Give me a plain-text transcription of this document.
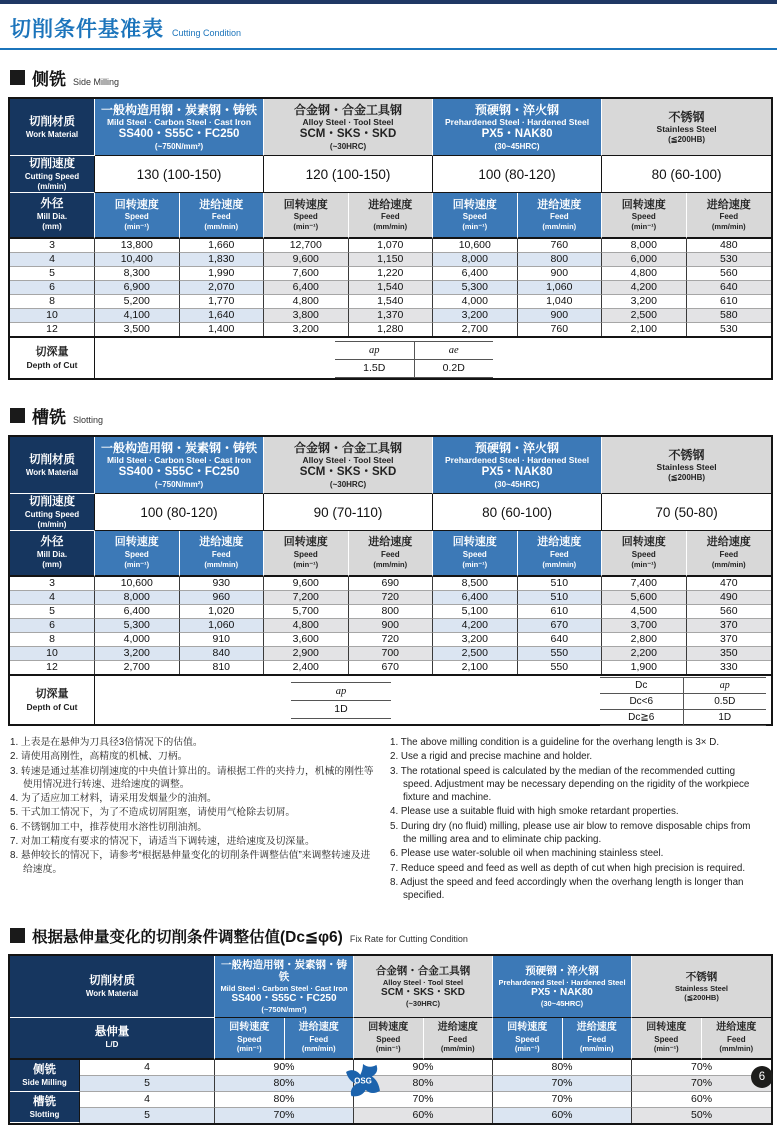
切削条件基准表 Cutting Condition
侧铣 Side Milling
切削材质
Work Material

一般构造用钢・炭素钢・铸铁
Mild Steel · Carbon Steel · Cast Iron
SS400・S55C・FC250
(~750N/mm²)

合金钢・合金工具钢
Alloy Steel · Tool Steel
SCM・SKS・SKD
(~30HRC)

预硬钢・淬火钢
Prehardened Steel · Hardened Steel
PX5・NAK80
(30~45HRC)

不锈钢
Stainless Steel
(≦200HB)

切削速度
Cutting Speed
(m/min)
	130 (100-150)	120 (100-150)	100 (80-120)	80 (60-100)

外径
Mill Dia.
(mm)

回转速度
Speed
(min⁻¹)

进给速度
Feed
(mm/min)

回转速度
Speed
(min⁻¹)

进给速度
Feed
(mm/min)

回转速度
Speed
(min⁻¹)

进给速度
Feed
(mm/min)

回转速度
Speed
(min⁻¹)

进给速度
Feed
(mm/min)

3	13,800	1,660	12,700	1,070	10,600	760	8,000	480
4	10,400	1,830	9,600	1,150	8,000	800	6,000	530
5	8,300	1,990	7,600	1,220	6,400	900	4,800	560
6	6,900	2,070	6,400	1,540	5,300	1,060	4,200	640
8	5,200	1,770	4,800	1,540	4,000	1,040	3,200	610
10	4,100	1,640	3,800	1,370	3,200	900	2,500	580
12	3,500	1,400	3,200	1,280	2,700	760	2,100	530

切深量
Depth of Cut

ap	ae
1.5D	0.2D
槽铣 Slotting
切削材质
Work Material

一般构造用钢・炭素钢・铸铁
Mild Steel · Carbon Steel · Cast Iron
SS400・S55C・FC250
(~750N/mm²)

合金钢・合金工具钢
Alloy Steel · Tool Steel
SCM・SKS・SKD
(~30HRC)

预硬钢・淬火钢
Prehardened Steel · Hardened Steel
PX5・NAK80
(30~45HRC)

不锈钢
Stainless Steel
(≦200HB)

切削速度
Cutting Speed
(m/min)
	100 (80-120)	90 (70-110)	80 (60-100)	70 (50-80)

外径
Mill Dia.
(mm)

回转速度
Speed
(min⁻¹)

进给速度
Feed
(mm/min)

回转速度
Speed
(min⁻¹)

进给速度
Feed
(mm/min)

回转速度
Speed
(min⁻¹)

进给速度
Feed
(mm/min)

回转速度
Speed
(min⁻¹)

进给速度
Feed
(mm/min)

3	10,600	930	9,600	690	8,500	510	7,400	470
4	8,000	960	7,200	720	6,400	510	5,600	490
5	6,400	1,020	5,700	800	5,100	610	4,500	560
6	5,300	1,060	4,800	900	4,200	670	3,700	370
8	4,000	910	3,600	720	3,200	640	2,800	370
10	3,200	840	2,900	700	2,500	550	2,200	350
12	2,700	810	2,400	670	2,100	550	1,900	330

切深量
Depth of Cut

ap
1D
Dc	ap
Dc<6	0.5D
Dc≧6	1D
1. 上表是在悬伸为刀具径3倍情况下的估值。
2. 请使用高刚性，高精度的机械、刀柄。
3. 转速是通过基准切削速度的中央值计算出的。请根据工件的夹持力，机械的刚性等使用情况进行转速、进给速度的调整。
4. 为了适应加工材料，请采用发烟量少的油剂。
5. 干式加工情况下，为了不造成切屑阻塞，请使用气枪除去切屑。
6. 不锈钢加工中，推荐使用水溶性切削油剂。
7. 对加工精度有要求的情况下，请适当下调转速，进给速度及切深量。
8. 悬伸较长的情况下，请参考“根据悬伸量变化的切削条件调整估值”来调整转速及进给速度。
1. The above milling condition is a guideline for the overhang length is 3× D.
2. Use a rigid and precise machine and holder.
3. The rotational speed is calculated by the median of the recommended cutting speed. Adjustment may be necessary depending on the rigidity of the workpiece fixture and machine.
4. Please use a suitable fluid with high smoke retardant properties.
5. During dry (no fluid) milling, please use air blow to remove disposable chips from the milling area and to eliminate chip packing.
6. Please use water-soluble oil when machining stainless steel.
7. Reduce speed and feed as well as depth of cut when high precision is required.
8. Adjust the speed and feed accordingly when the overhang length is longer than specified.
根据悬伸量变化的切削条件调整估值(Dc≦φ6) Fix Rate for Cutting Condition
切削材质
Work Material

一般构造用钢・炭素钢・铸铁
Mild Steel · Carbon Steel · Cast Iron
SS400・S55C・FC250
(~750N/mm²)

合金钢・合金工具钢
Alloy Steel · Tool Steel
SCM・SKS・SKD
(~30HRC)

预硬钢・淬火钢
Prehardened Steel · Hardened Steel
PX5・NAK80
(30~45HRC)

不锈钢
Stainless Steel
(≦200HB)

悬伸量
L/D

回转速度
Speed
(min⁻¹)

进给速度
Feed
(mm/min)

回转速度
Speed
(min⁻¹)

进给速度
Feed
(mm/min)

回转速度
Speed
(min⁻¹)

进给速度
Feed
(mm/min)

回转速度
Speed
(min⁻¹)

进给速度
Feed
(mm/min)

侧铣
Side Milling	4	90%		90%		80%		70%	
	5	80%		80%		70%		70%	

槽铣
Slotting	4	80%		70%		70%		60%	
	5	70%		60%		60%		50%	
OSG	6
